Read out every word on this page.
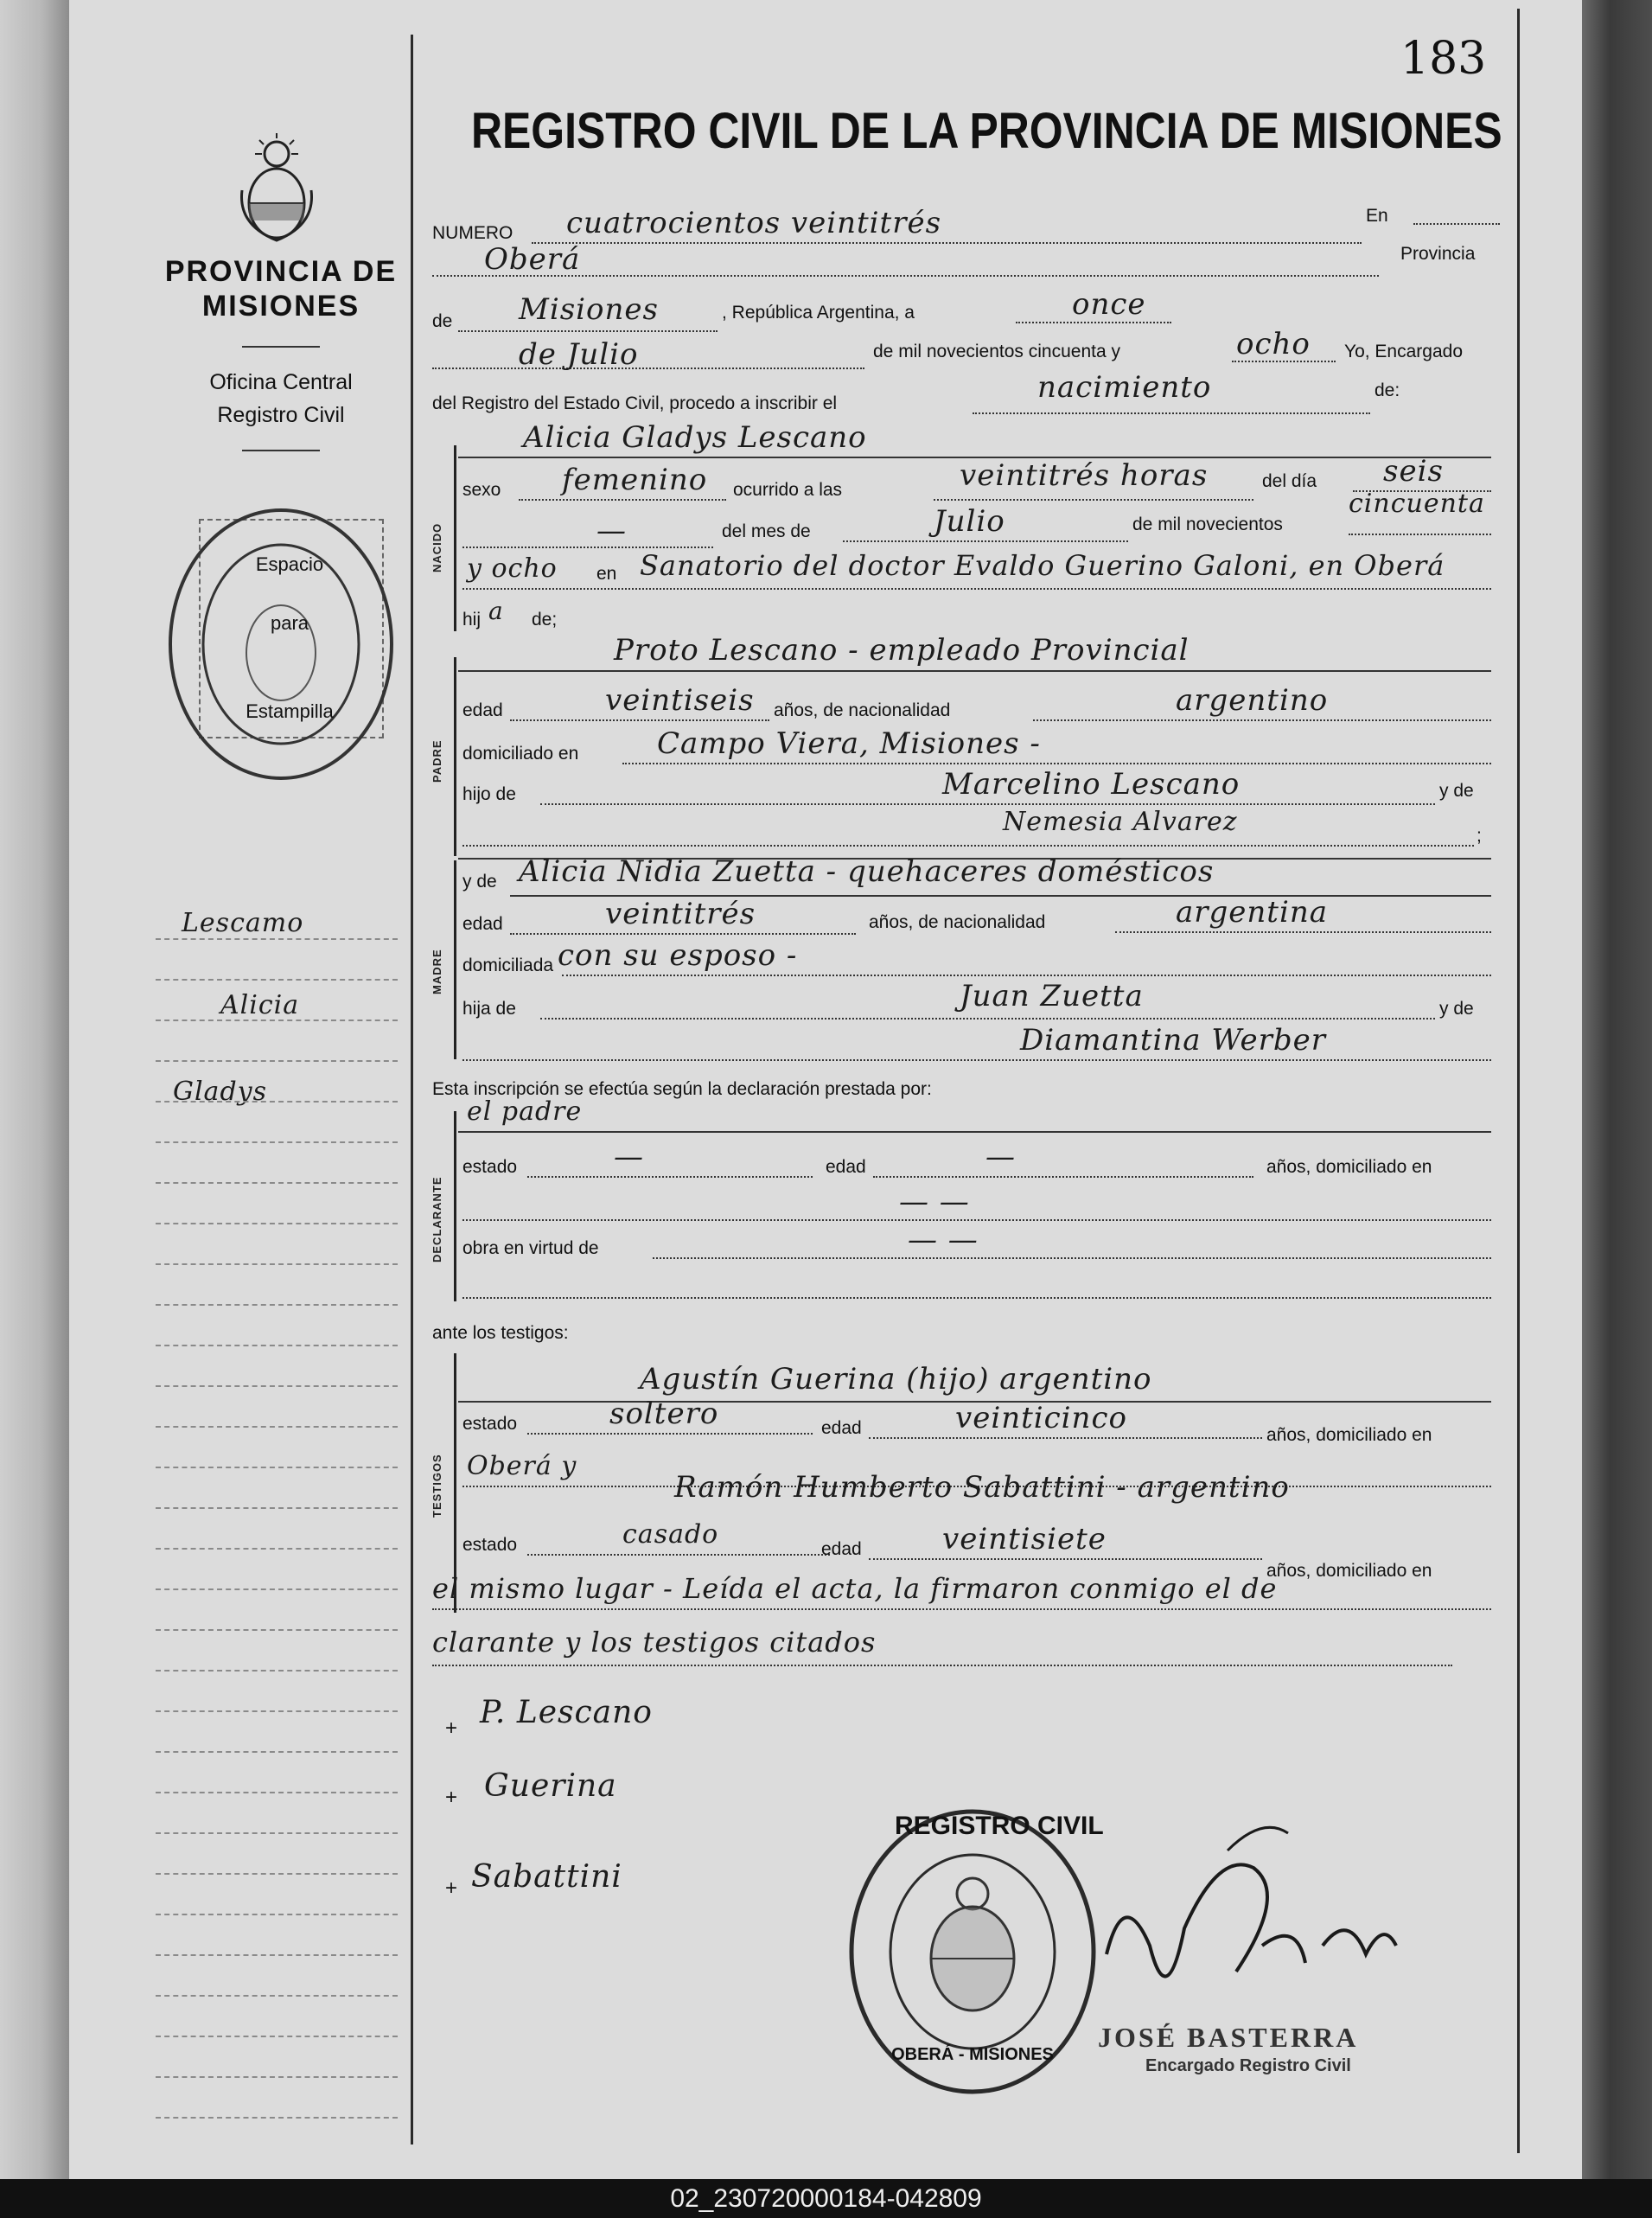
PROVINCIA DE
MISIONES
Oficina Central
Registro Civil
Espacio
para
Estampilla
Lescamo
Alicia
Gladys
183
REGISTRO CIVIL DE LA PROVINCIA DE MISIONES
NUMERO cuatrocientos veintitrés	En
Oberá	Provincia
de Misiones	, República Argentina, a	once
de Julio	de mil novecientos cincuenta y	ocho Yo, Encargado
del Registro del Estado Civil, procedo a inscribir el	nacimiento	de:
NACIDO
Alicia Gladys Lescano
sexo femenino ocurrido a las	veintitrés horas	del día seis
—	del mes de	Julio	de mil novecientos
cincuenta
y ocho en Sanatorio del doctor Evaldo Guerino Galoni, en Oberá
hij a de;
PADRE
Proto Lescano - empleado Provincial
edad	veintiseis años, de nacionalidad	argentino
domiciliado en	Campo Viera, Misiones -
hijo de	Marcelino Lescano	y de
Nemesia Alvarez	;
MADRE
y de Alicia Nidia Zuetta - quehaceres domésticos
edad	veintitrés	años, de nacionalidad	argentina
domiciliada con su esposo -
hija de	Juan Zuetta	y de
Diamantina Werber
Esta inscripción se efectúa según la declaración prestada por:
DECLARANTE
el padre
estado	—	edad	—	años, domiciliado en
— —
obra en virtud de	— —
ante los testigos:
TESTIGOS
Agustín Guerina (hijo) argentino
estado	soltero	edad	veinticinco	años, domiciliado en
Oberá y
Ramón Humberto Sabattini - argentino
estado	casado	edad	veintisiete
años, domiciliado en
el mismo lugar - Leída el acta, la firmaron conmigo el de
clarante y los testigos citados
+ P. Lescano
+ Guerina
+ Sabattini
REGISTRO CIVIL
OBERÁ - MISIONES
JOSÉ BASTERRA
Encargado Registro Civil
02_230720000184-042809
